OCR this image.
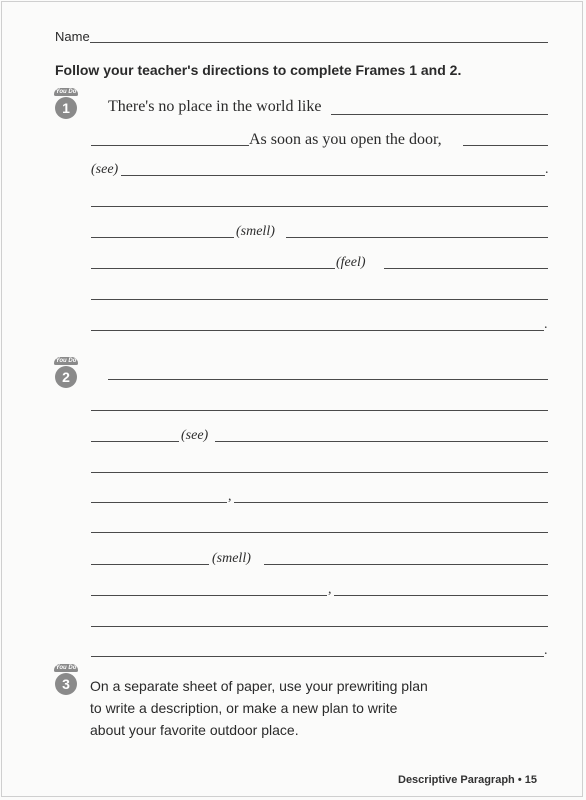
Name
Follow your teacher's directions to complete Frames 1 and 2.
You Do
1	There's no place in the world like
As soon as you open the door,
(see)	.
(smell)
(feel)
.
You Do
2
(see)
,
(smell)
,
.
You Do
3	On a separate sheet of paper, use your prewriting plan
to write a description, or make a new plan to write
about your favorite outdoor place.
Descriptive Paragraph • 15
